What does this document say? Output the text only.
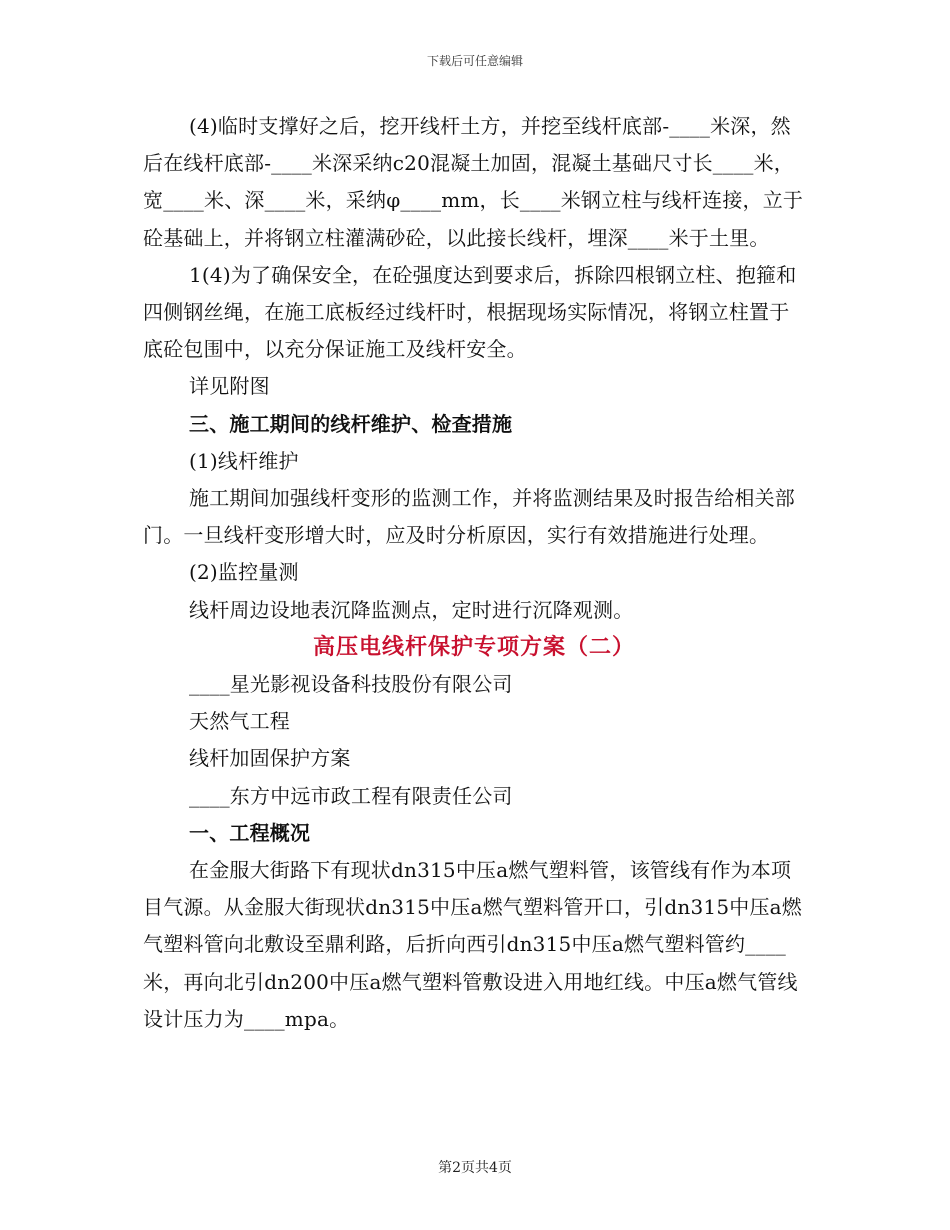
下载后可任意编辑

(4)临时支撑好之后，挖开线杆土方，并挖至线杆底部-____米深，然后在线杆底部-____米深采纳c20混凝土加固，混凝土基础尺寸长____米，宽____米、深____米，采纳φ____mm，长____米钢立柱与线杆连接，立于砼基础上，并将钢立柱灌满砂砼，以此接长线杆，埋深____米于土里。

1(4)为了确保安全，在砼强度达到要求后，拆除四根钢立柱、抱箍和四侧钢丝绳，在施工底板经过线杆时，根据现场实际情况，将钢立柱置于底砼包围中，以充分保证施工及线杆安全。

详见附图

三、施工期间的线杆维护、检查措施

(1)线杆维护

施工期间加强线杆变形的监测工作，并将监测结果及时报告给相关部门。一旦线杆变形增大时，应及时分析原因，实行有效措施进行处理。

(2)监控量测

线杆周边设地表沉降监测点，定时进行沉降观测。

高压电线杆保护专项方案（二）

____星光影视设备科技股份有限公司

天然气工程

线杆加固保护方案

____东方中远市政工程有限责任公司

一、工程概况

在金服大街路下有现状dn315中压a燃气塑料管，该管线有作为本项目气源。从金服大街现状dn315中压a燃气塑料管开口，引dn315中压a燃气塑料管向北敷设至鼎利路，后折向西引dn315中压a燃气塑料管约____米，再向北引dn200中压a燃气塑料管敷设进入用地红线。中压a燃气管线设计压力为____mpa。

第2页共4页
